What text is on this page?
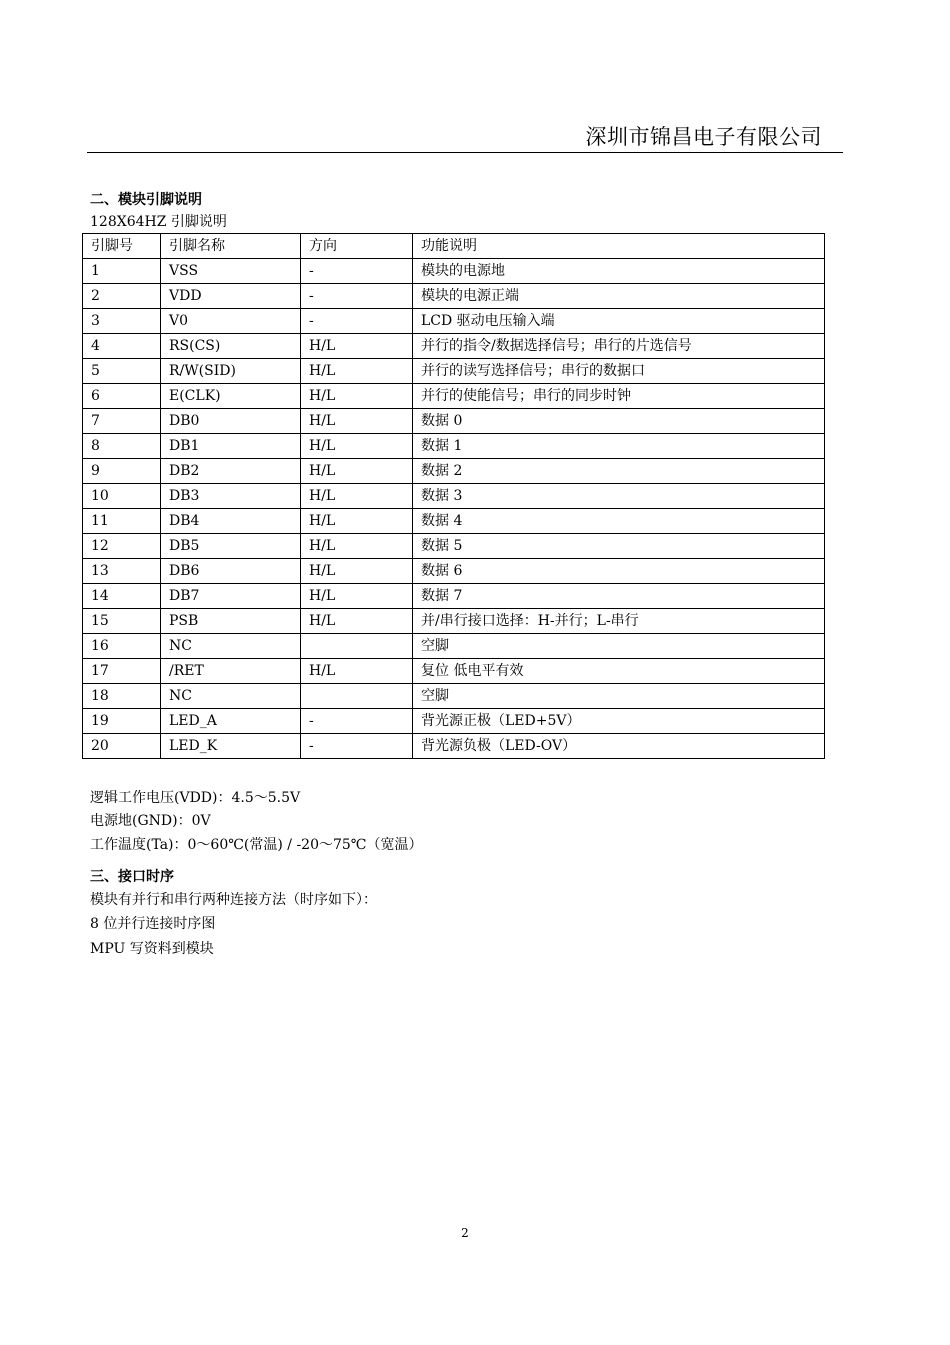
深圳市锦昌电子有限公司
二、模块引脚说明
128X64HZ 引脚说明
引脚号	引脚名称	方向	功能说明
1	VSS	-	模块的电源地
2	VDD	-	模块的电源正端
3	V0	-	LCD 驱动电压输入端
4	RS(CS)	H/L	并行的指令/数据选择信号；串行的片选信号
5	R/W(SID)	H/L	并行的读写选择信号；串行的数据口
6	E(CLK)	H/L	并行的使能信号；串行的同步时钟
7	DB0	H/L	数据 0
8	DB1	H/L	数据 1
9	DB2	H/L	数据 2
10	DB3	H/L	数据 3
11	DB4	H/L	数据 4
12	DB5	H/L	数据 5
13	DB6	H/L	数据 6
14	DB7	H/L	数据 7
15	PSB	H/L	并/串行接口选择：H-并行；L-串行
16	NC		空脚
17	/RET	H/L	复位 低电平有效
18	NC		空脚
19	LED_A	-	背光源正极（LED+5V）
20	LED_K	-	背光源负极（LED-OV）
逻辑工作电压(VDD)：4.5～5.5V
电源地(GND)：0V
工作温度(Ta)：0～60℃(常温) / -20～75℃（宽温）
三、接口时序
模块有并行和串行两种连接方法（时序如下）：
8 位并行连接时序图
MPU 写资料到模块
2
